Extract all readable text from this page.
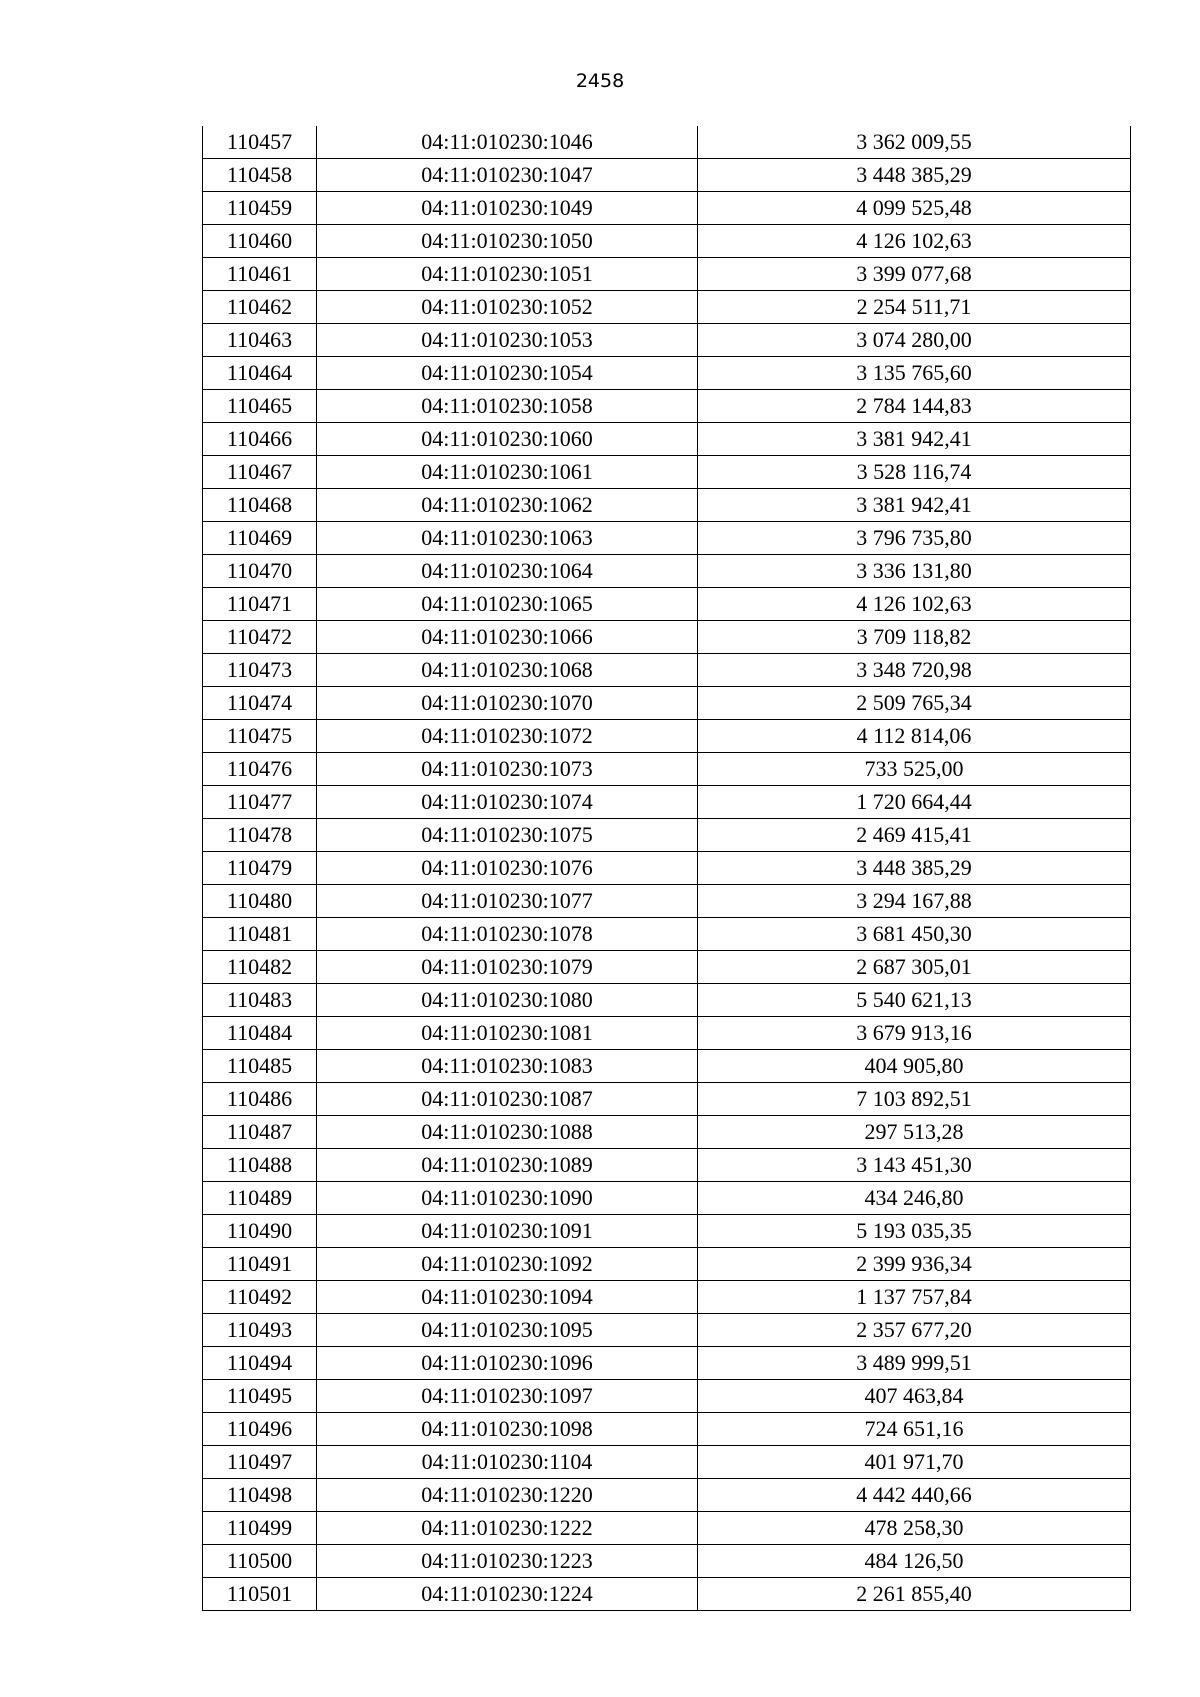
2458
110457	04:11:010230:1046	3 362 009,55
110458	04:11:010230:1047	3 448 385,29
110459	04:11:010230:1049	4 099 525,48
110460	04:11:010230:1050	4 126 102,63
110461	04:11:010230:1051	3 399 077,68
110462	04:11:010230:1052	2 254 511,71
110463	04:11:010230:1053	3 074 280,00
110464	04:11:010230:1054	3 135 765,60
110465	04:11:010230:1058	2 784 144,83
110466	04:11:010230:1060	3 381 942,41
110467	04:11:010230:1061	3 528 116,74
110468	04:11:010230:1062	3 381 942,41
110469	04:11:010230:1063	3 796 735,80
110470	04:11:010230:1064	3 336 131,80
110471	04:11:010230:1065	4 126 102,63
110472	04:11:010230:1066	3 709 118,82
110473	04:11:010230:1068	3 348 720,98
110474	04:11:010230:1070	2 509 765,34
110475	04:11:010230:1072	4 112 814,06
110476	04:11:010230:1073	733 525,00
110477	04:11:010230:1074	1 720 664,44
110478	04:11:010230:1075	2 469 415,41
110479	04:11:010230:1076	3 448 385,29
110480	04:11:010230:1077	3 294 167,88
110481	04:11:010230:1078	3 681 450,30
110482	04:11:010230:1079	2 687 305,01
110483	04:11:010230:1080	5 540 621,13
110484	04:11:010230:1081	3 679 913,16
110485	04:11:010230:1083	404 905,80
110486	04:11:010230:1087	7 103 892,51
110487	04:11:010230:1088	297 513,28
110488	04:11:010230:1089	3 143 451,30
110489	04:11:010230:1090	434 246,80
110490	04:11:010230:1091	5 193 035,35
110491	04:11:010230:1092	2 399 936,34
110492	04:11:010230:1094	1 137 757,84
110493	04:11:010230:1095	2 357 677,20
110494	04:11:010230:1096	3 489 999,51
110495	04:11:010230:1097	407 463,84
110496	04:11:010230:1098	724 651,16
110497	04:11:010230:1104	401 971,70
110498	04:11:010230:1220	4 442 440,66
110499	04:11:010230:1222	478 258,30
110500	04:11:010230:1223	484 126,50
110501	04:11:010230:1224	2 261 855,40
